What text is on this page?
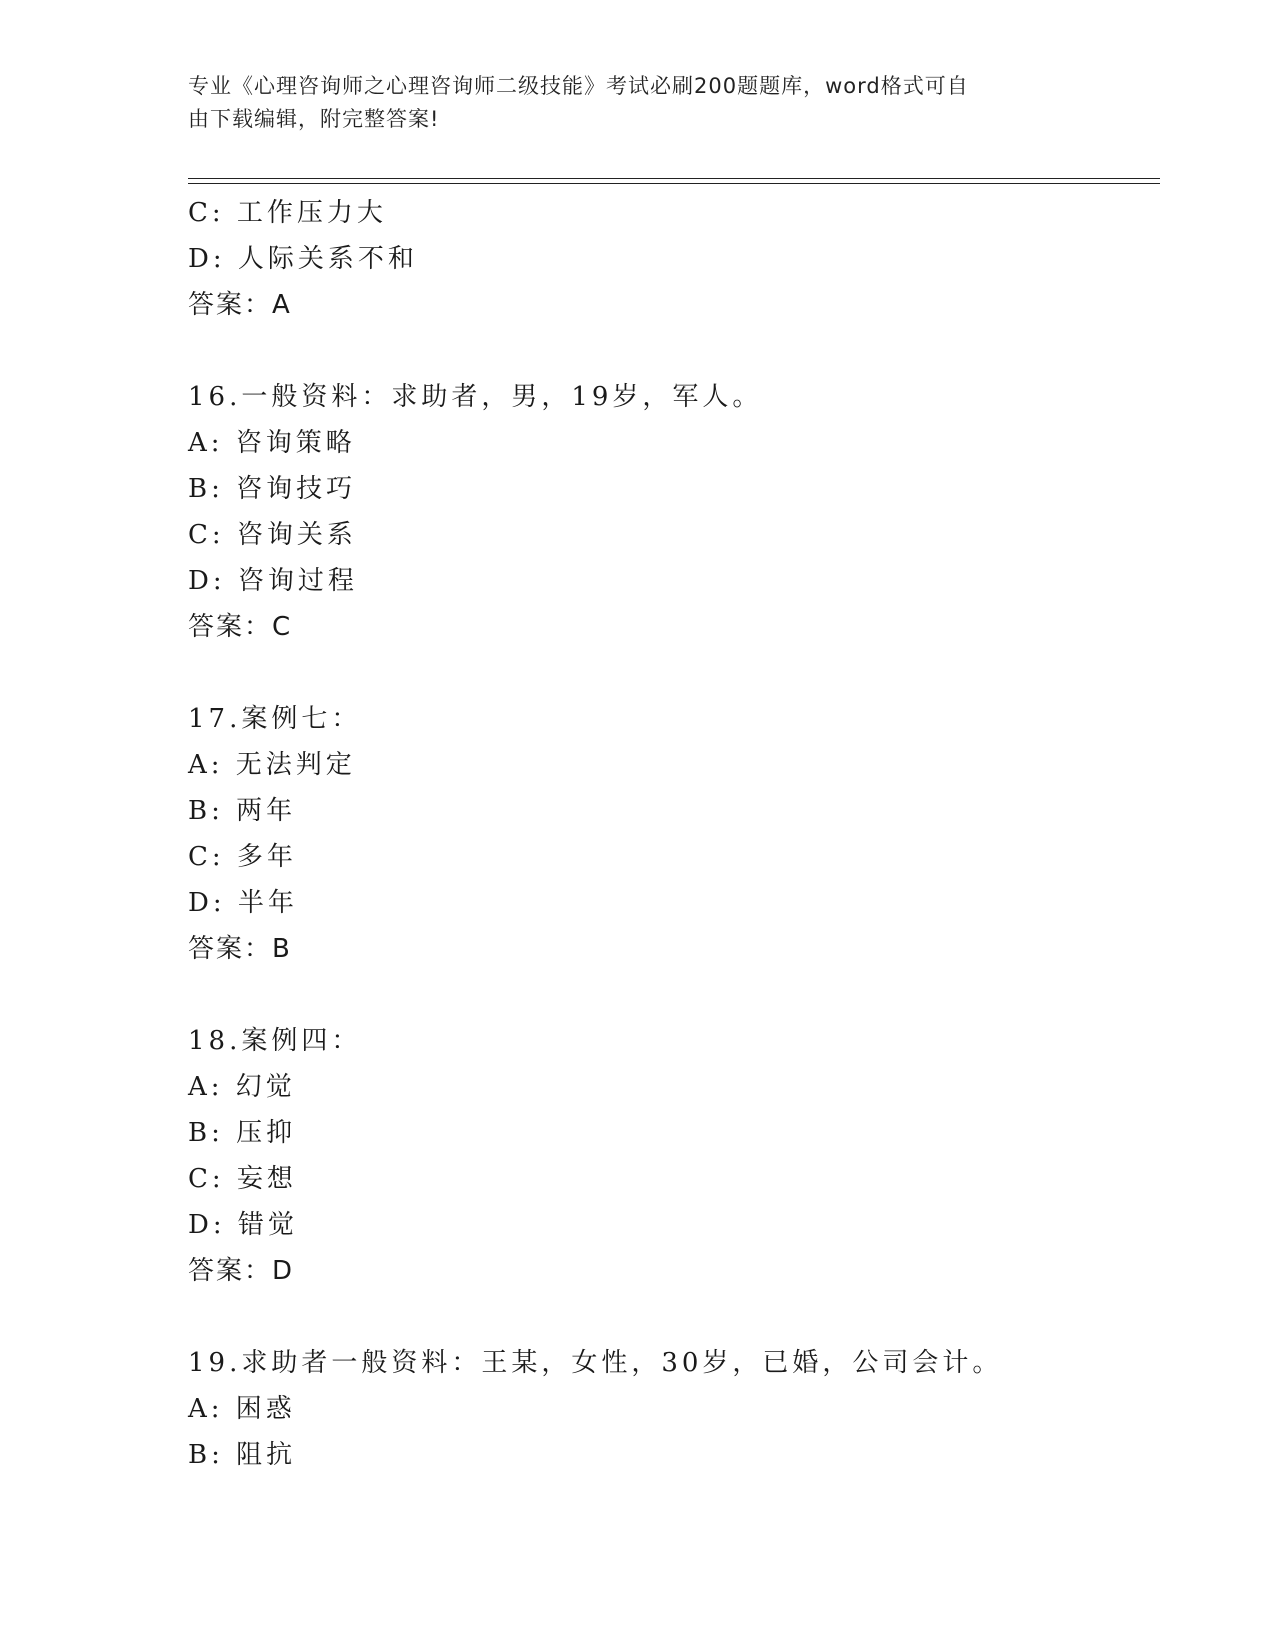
专业《心理咨询师之心理咨询师二级技能》考试必刷200题题库，word格式可自
由下载编辑，附完整答案!
C: 工作压力大
D: 人际关系不和
答案：A
16.一般资料：求助者，男，19岁，军人。
A: 咨询策略
B: 咨询技巧
C: 咨询关系
D: 咨询过程
答案：C
17.案例七：
A: 无法判定
B: 两年
C: 多年
D: 半年
答案：B
18.案例四：
A: 幻觉
B: 压抑
C: 妄想
D: 错觉
答案：D
19.求助者一般资料：王某，女性，30岁，已婚，公司会计。
A: 困惑
B: 阻抗
